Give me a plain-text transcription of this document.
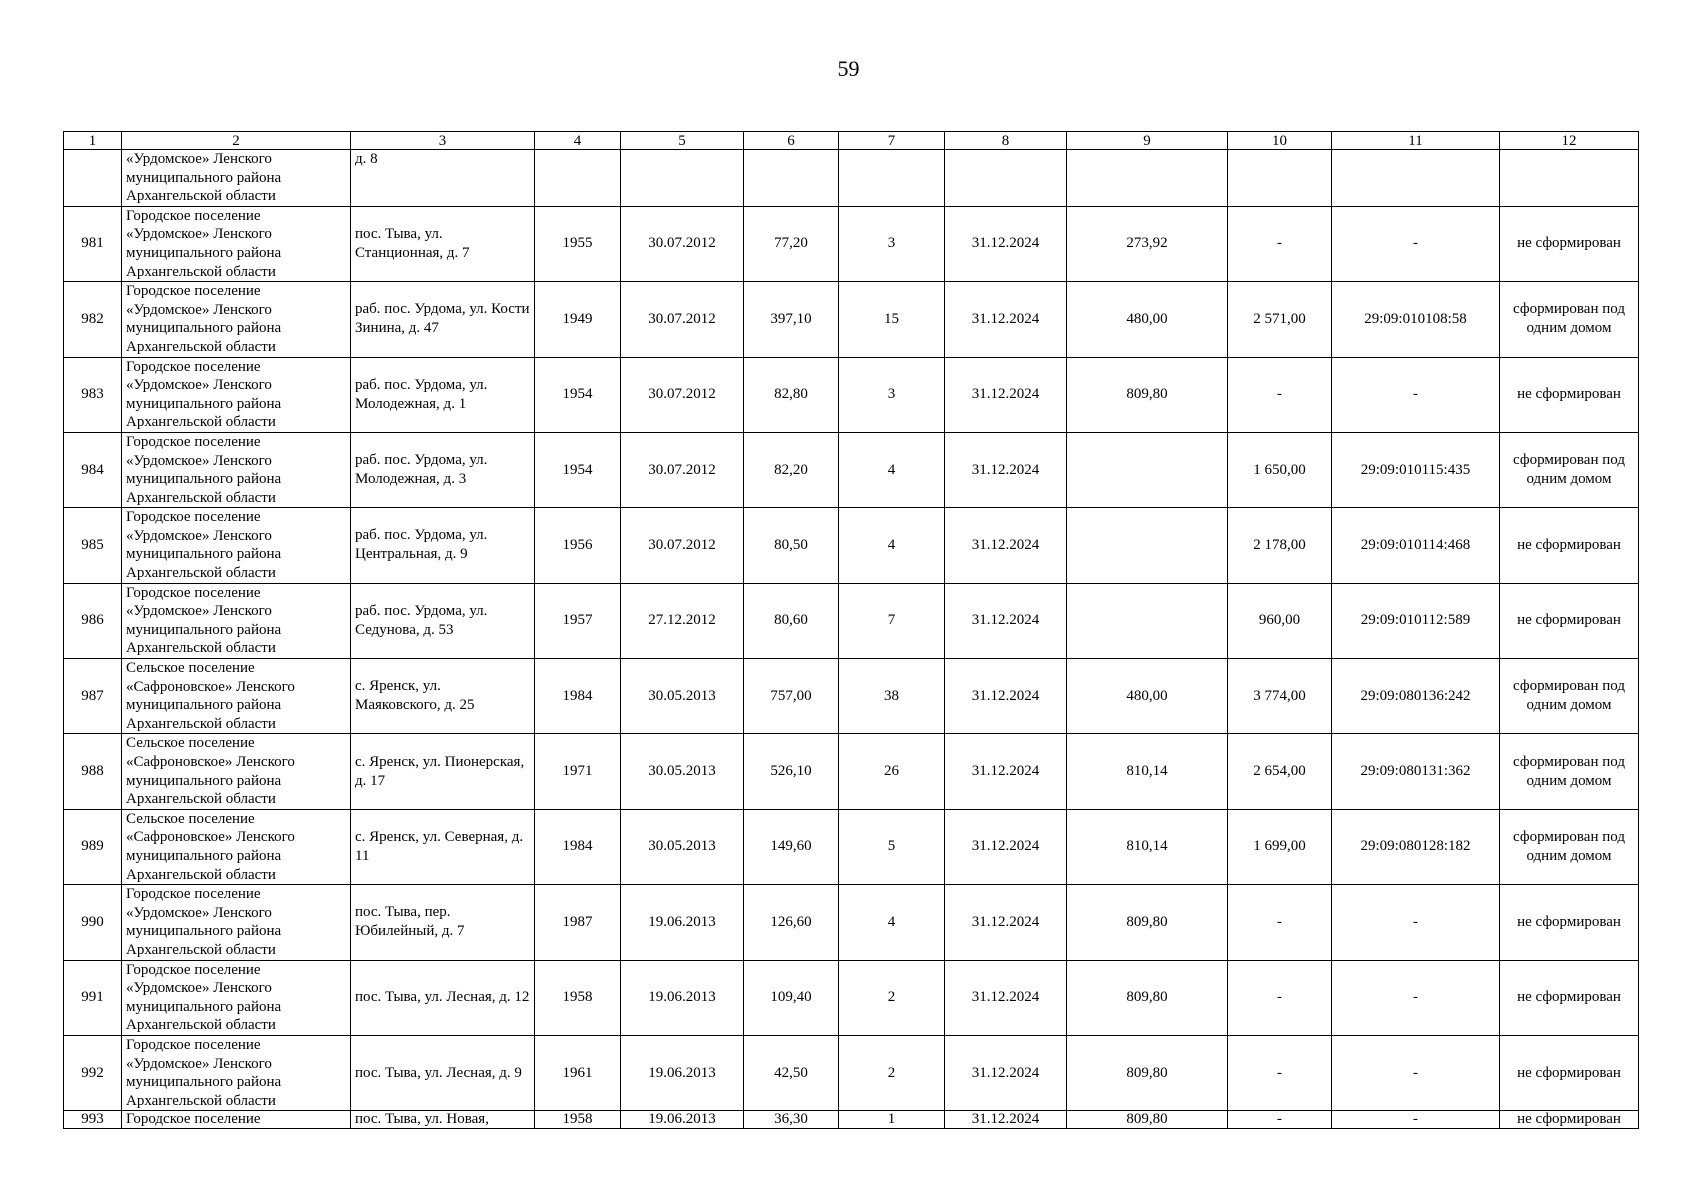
59
1	2	3	4	5	6	7	8	9	10	11	12
	«Урдомское» Ленского муниципального района Архангельской области	д. 8									
981	Городское поселение «Урдомское» Ленского муниципального района Архангельской области	пос. Тыва, ул. Станционная, д. 7	1955	30.07.2012	77,20	3	31.12.2024	273,92	-	-	не сформирован
982	Городское поселение «Урдомское» Ленского муниципального района Архангельской области	раб. пос. Урдома, ул. Кости Зинина, д. 47	1949	30.07.2012	397,10	15	31.12.2024	480,00	2 571,00	29:09:010108:58	сформирован под одним домом
983	Городское поселение «Урдомское» Ленского муниципального района Архангельской области	раб. пос. Урдома, ул. Молодежная, д. 1	1954	30.07.2012	82,80	3	31.12.2024	809,80	-	-	не сформирован
984	Городское поселение «Урдомское» Ленского муниципального района Архангельской области	раб. пос. Урдома, ул. Молодежная, д. 3	1954	30.07.2012	82,20	4	31.12.2024		1 650,00	29:09:010115:435	сформирован под одним домом
985	Городское поселение «Урдомское» Ленского муниципального района Архангельской области	раб. пос. Урдома, ул. Центральная, д. 9	1956	30.07.2012	80,50	4	31.12.2024		2 178,00	29:09:010114:468	не сформирован
986	Городское поселение «Урдомское» Ленского муниципального района Архангельской области	раб. пос. Урдома, ул. Седунова, д. 53	1957	27.12.2012	80,60	7	31.12.2024		960,00	29:09:010112:589	не сформирован
987	Сельское поселение «Сафроновское» Ленского муниципального района Архангельской области	с. Яренск, ул. Маяковского, д. 25	1984	30.05.2013	757,00	38	31.12.2024	480,00	3 774,00	29:09:080136:242	сформирован под одним домом
988	Сельское поселение «Сафроновское» Ленского муниципального района Архангельской области	с. Яренск, ул. Пионерская, д. 17	1971	30.05.2013	526,10	26	31.12.2024	810,14	2 654,00	29:09:080131:362	сформирован под одним домом
989	Сельское поселение «Сафроновское» Ленского муниципального района Архангельской области	с. Яренск, ул. Северная, д. 11	1984	30.05.2013	149,60	5	31.12.2024	810,14	1 699,00	29:09:080128:182	сформирован под одним домом
990	Городское поселение «Урдомское» Ленского муниципального района Архангельской области	пос. Тыва, пер. Юбилейный, д. 7	1987	19.06.2013	126,60	4	31.12.2024	809,80	-	-	не сформирован
991	Городское поселение «Урдомское» Ленского муниципального района Архангельской области	пос. Тыва, ул. Лесная, д. 12	1958	19.06.2013	109,40	2	31.12.2024	809,80	-	-	не сформирован
992	Городское поселение «Урдомское» Ленского муниципального района Архангельской области	пос. Тыва, ул. Лесная, д. 9	1961	19.06.2013	42,50	2	31.12.2024	809,80	-	-	не сформирован
993	Городское поселение	пос. Тыва, ул. Новая,	1958	19.06.2013	36,30	1	31.12.2024	809,80	-	-	не сформирован
